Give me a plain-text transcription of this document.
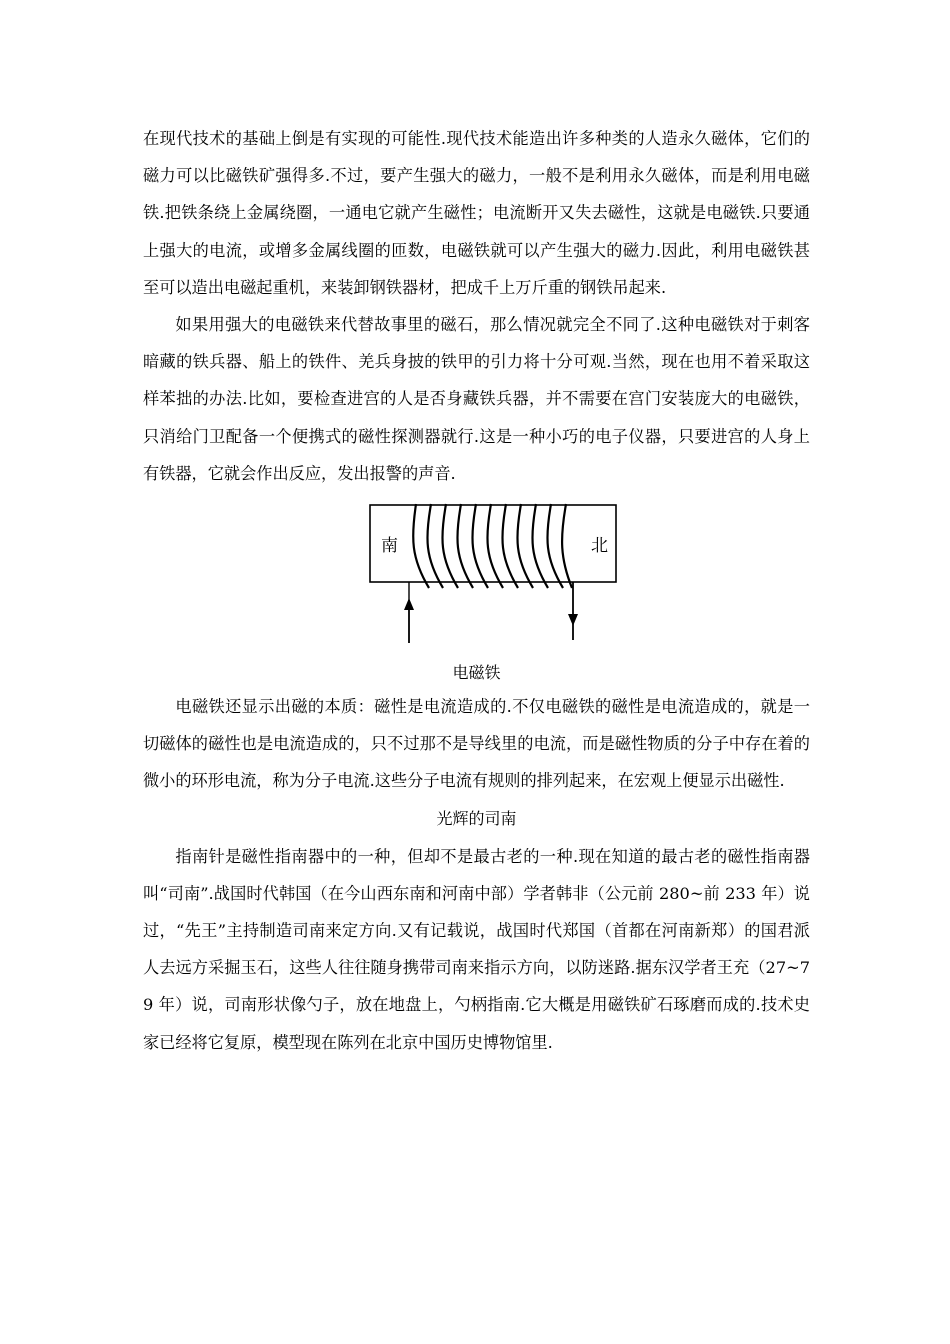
在现代技术的基础上倒是有实现的可能性.现代技术能造出许多种类的人造永久磁体，它们的磁力可以比磁铁矿强得多.不过，要产生强大的磁力，一般不是利用永久磁体，而是利用电磁铁.把铁条绕上金属绕圈，一通电它就产生磁性；电流断开又失去磁性，这就是电磁铁.只要通上强大的电流，或增多金属线圈的匝数，电磁铁就可以产生强大的磁力.因此，利用电磁铁甚至可以造出电磁起重机，来装卸钢铁器材，把成千上万斤重的钢铁吊起来.

如果用强大的电磁铁来代替故事里的磁石，那么情况就完全不同了.这种电磁铁对于刺客暗藏的铁兵器、船上的铁件、羌兵身披的铁甲的引力将十分可观.当然，现在也用不着采取这样苯拙的办法.比如，要检查进宫的人是否身藏铁兵器，并不需要在宫门安装庞大的电磁铁，只消给门卫配备一个便携式的磁性探测器就行.这是一种小巧的电子仪器，只要进宫的人身上有铁器，它就会作出反应，发出报警的声音.

南	北

电磁铁

电磁铁还显示出磁的本质：磁性是电流造成的.不仅电磁铁的磁性是电流造成的，就是一切磁体的磁性也是电流造成的，只不过那不是导线里的电流，而是磁性物质的分子中存在着的微小的环形电流，称为分子电流.这些分子电流有规则的排列起来，在宏观上便显示出磁性.

光辉的司南

指南针是磁性指南器中的一种，但却不是最古老的一种.现在知道的最古老的磁性指南器叫“司南”.战国时代韩国（在今山西东南和河南中部）学者韩非（公元前 280~前 233 年）说过，“先王”主持制造司南来定方向.又有记载说，战国时代郑国（首都在河南新郑）的国君派人去远方采掘玉石，这些人往往随身携带司南来指示方向，以防迷路.据东汉学者王充（27~79 年）说，司南形状像勺子，放在地盘上，勺柄指南.它大概是用磁铁矿石琢磨而成的.技术史家已经将它复原，模型现在陈列在北京中国历史博物馆里.
